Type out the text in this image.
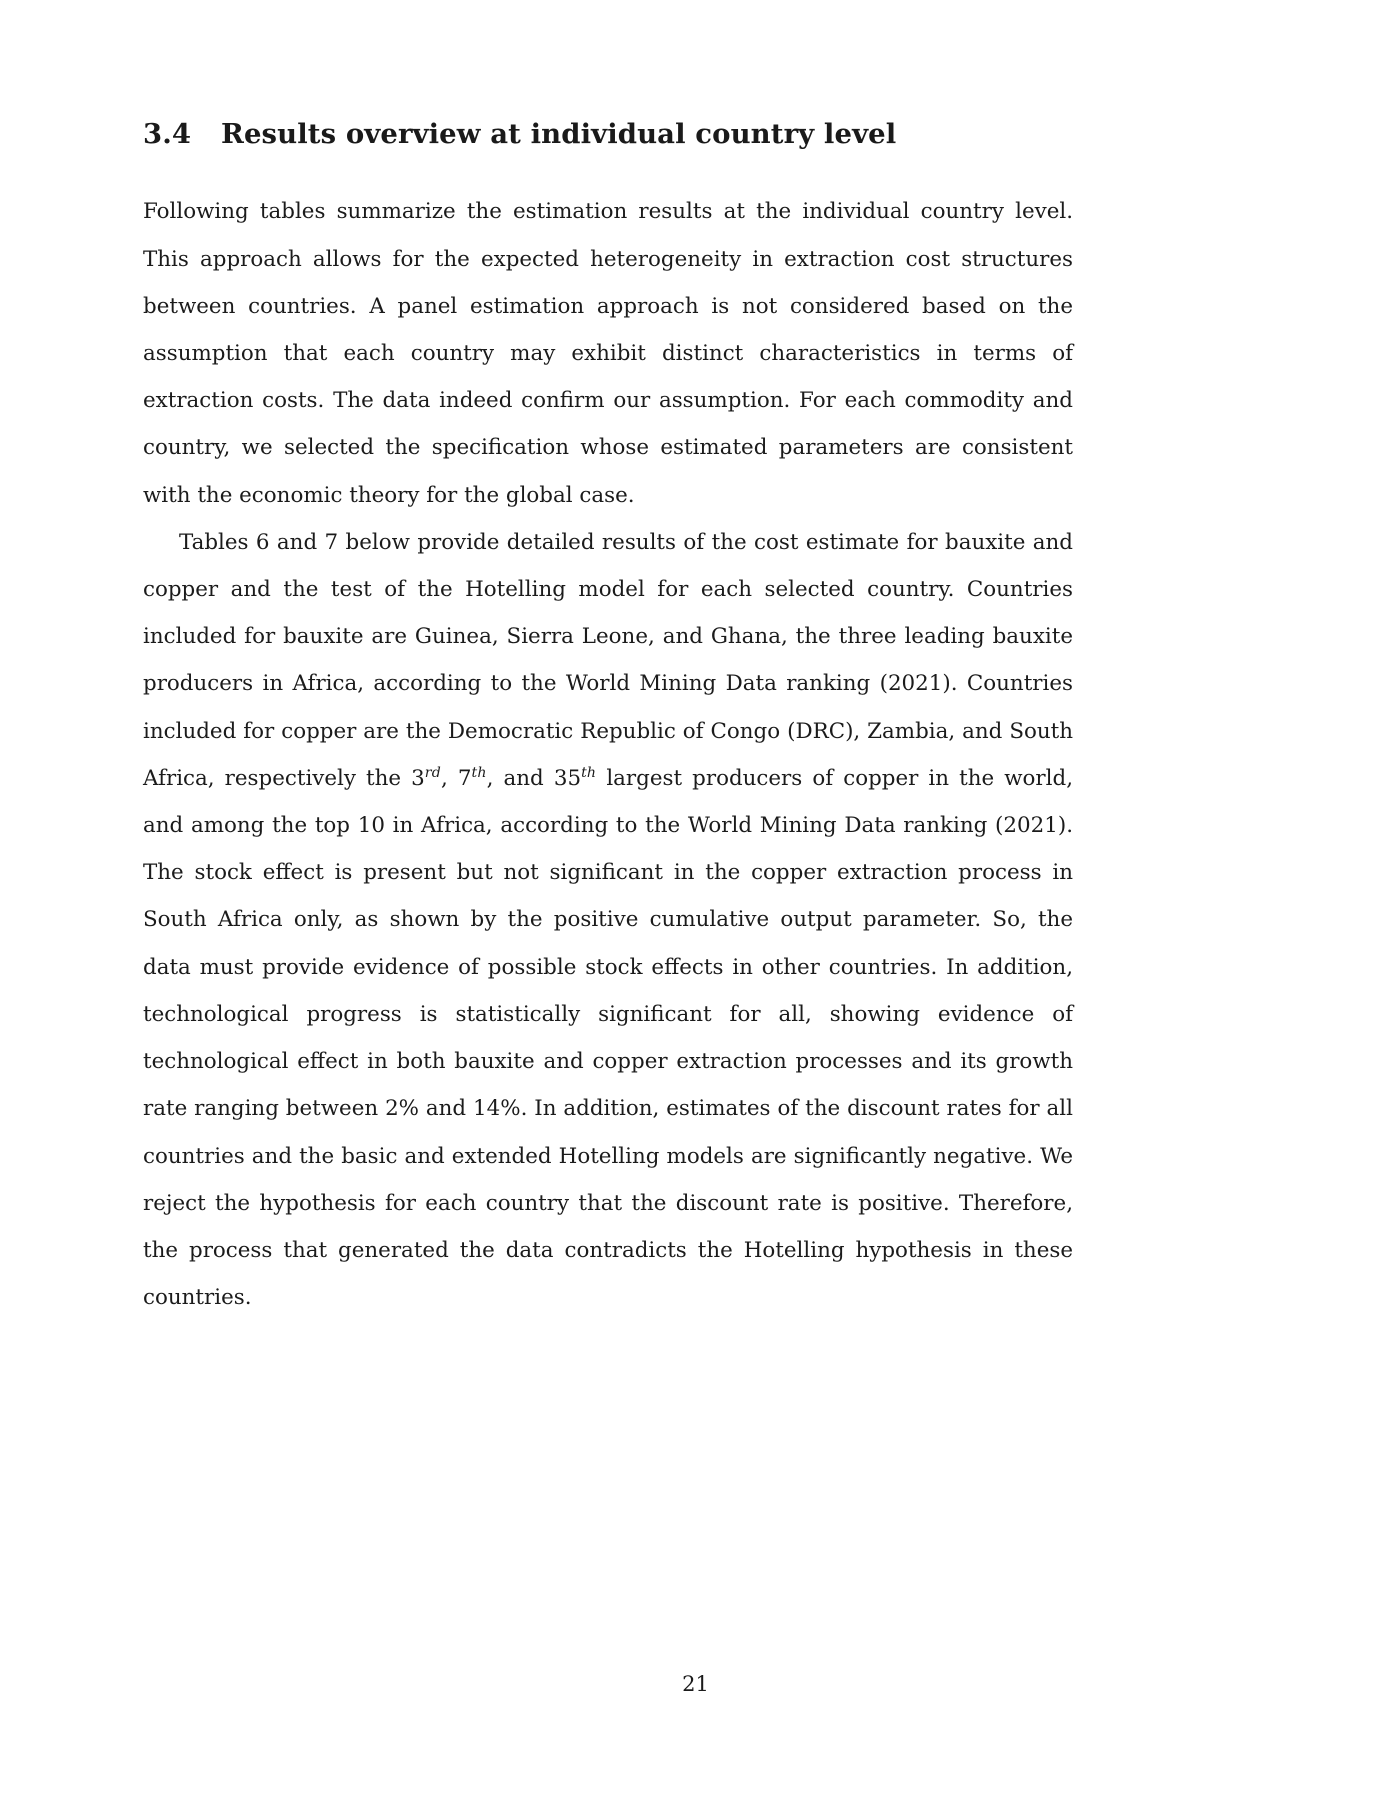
3.4	Results overview at individual country level

Following tables summarize the estimation results at the individual country level. This approach allows for the expected heterogeneity in extraction cost structures between countries. A panel estimation approach is not considered based on the assumption that each country may exhibit distinct characteristics in terms of extraction costs. The data indeed confirm our assumption. For each commodity and country, we selected the specification whose estimated parameters are consistent with the economic theory for the global case.

Tables 6 and 7 below provide detailed results of the cost estimate for bauxite and copper and the test of the Hotelling model for each selected country. Countries included for bauxite are Guinea, Sierra Leone, and Ghana, the three leading bauxite producers in Africa, according to the World Mining Data ranking (2021). Countries included for copper are the Democratic Republic of Congo (DRC), Zambia, and South Africa, respectively the 3rd, 7th, and 35th largest producers of copper in the world, and among the top 10 in Africa, according to the World Mining Data ranking (2021). The stock effect is present but not significant in the copper extraction process in South Africa only, as shown by the positive cumulative output parameter. So, the data must provide evidence of possible stock effects in other countries. In addition, technological progress is statistically significant for all, showing evidence of technological effect in both bauxite and copper extraction processes and its growth rate ranging between 2% and 14%. In addition, estimates of the discount rates for all countries and the basic and extended Hotelling models are significantly negative. We reject the hypothesis for each country that the discount rate is positive. Therefore, the process that generated the data contradicts the Hotelling hypothesis in these countries.

21
